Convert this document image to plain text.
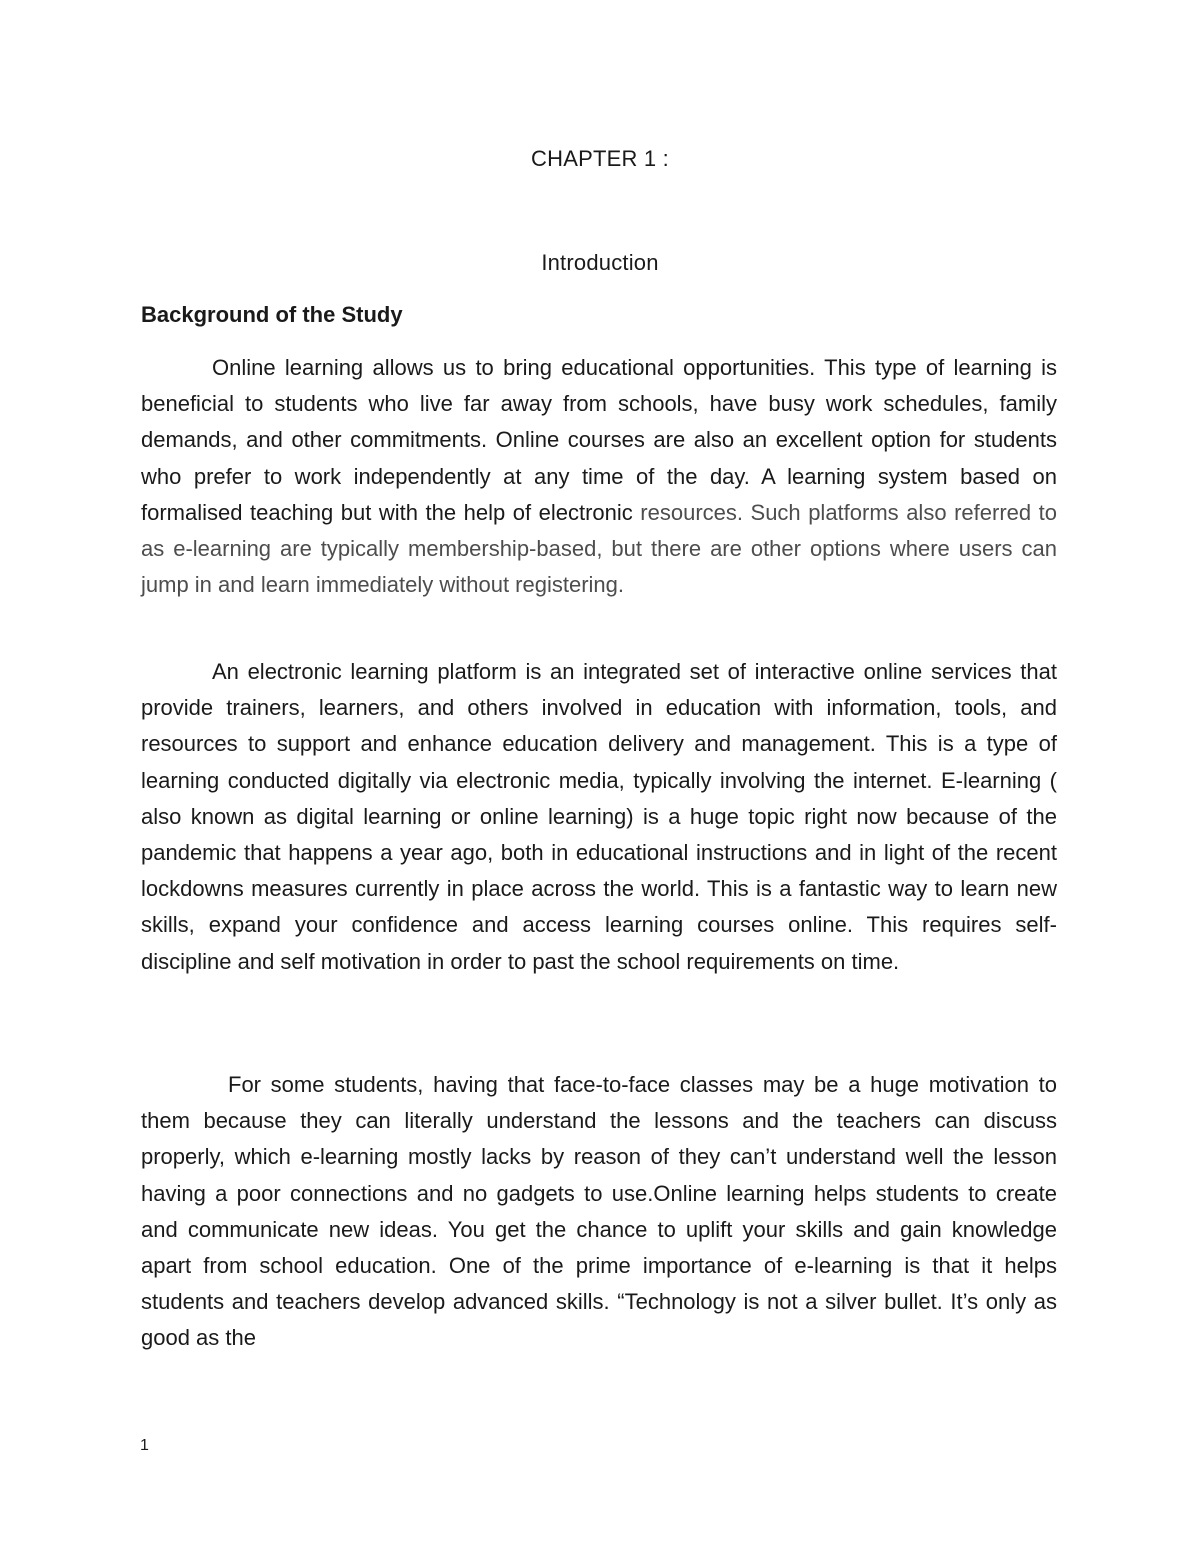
CHAPTER 1 :
Introduction
Background of the Study

Online learning allows us to bring educational opportunities. This type of learning is beneficial to students who live far away from schools, have busy work schedules, family demands, and other commitments. Online courses are also an excellent option for students who prefer to work independently at any time of the day. A learning system based on formalised teaching but with the help of electronic resources. Such platforms also referred to as e-learning are typically membership-based, but there are other options where users can jump in and learn immediately without registering.

An electronic learning platform is an integrated set of interactive online services that provide trainers, learners, and others involved in education with information, tools, and resources to support and enhance education delivery and management. This is a type of learning conducted digitally via electronic media, typically involving the internet. E-learning ( also known as digital learning or online learning) is a huge topic right now because of the pandemic that happens a year ago, both in educational instructions and in light of the recent lockdowns measures currently in place across the world. This is a fantastic way to learn new skills, expand your confidence and access learning courses online. This requires self-discipline and self motivation in order to past the school requirements on time.

For some students, having that face-to-face classes may be a huge motivation to them because they can literally understand the lessons and the teachers can discuss properly, which e-learning mostly lacks by reason of they can’t understand well the lesson having a poor connections and no gadgets to use.Online learning helps students to create and communicate new ideas. You get the chance to uplift your skills and gain knowledge apart from school education. One of the prime importance of e-learning is that it helps students and teachers develop advanced skills. “Technology is not a silver bullet. It’s only as good as the

1
